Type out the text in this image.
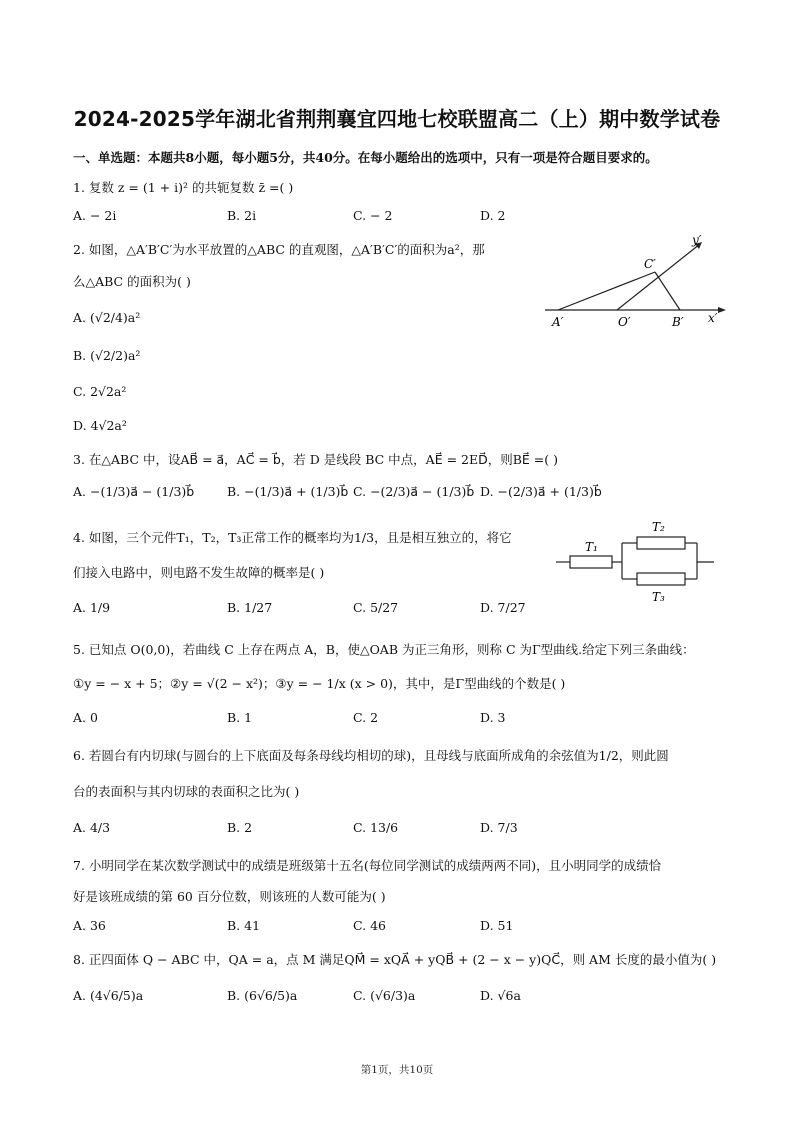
2024-2025学年湖北省荆荆襄宜四地七校联盟高二（上）期中数学试卷
一、单选题：本题共8小题，每小题5分，共40分。在每小题给出的选项中，只有一项是符合题目要求的。
1. 复数 z = (1 + i)² 的共轭复数 z̄ =( )
A. − 2i	B. 2i	C. − 2	D. 2
2. 如图，△A′B′C′为水平放置的△ABC 的直观图，△A′B′C′的面积为a²，那
么△ABC 的面积为( )
A. (√2/4)a²
B. (√2/2)a²
C. 2√2a²
D. 4√2a²
y′
C′
A′	O′	B′ x′
3. 在△ABC 中，设AB⃗ = a⃗，AC⃗ = b⃗，若 D 是线段 BC 中点，AE⃗ = 2ED⃗，则BE⃗ =( )
A. −(1/3)a⃗ − (1/3)b⃗	B. −(1/3)a⃗ + (1/3)b⃗ C. −(2/3)a⃗ − (1/3)b⃗ D. −(2/3)a⃗ + (1/3)b⃗
4. 如图，三个元件T₁，T₂，T₃正常工作的概率均为1/3，且是相互独立的，将它
们接入电路中，则电路不发生故障的概率是( )
A. 1/9	B. 1/27	C. 5/27	D. 7/27
T₁
T₂
T₃
5. 已知点 O(0,0)，若曲线 C 上存在两点 A，B，使△OAB 为正三角形，则称 C 为Γ型曲线.给定下列三条曲线：
①y = − x + 5；②y = √(2 − x²)；③y = − 1/x (x > 0)，其中，是Γ型曲线的个数是( )
A. 0	B. 1	C. 2	D. 3
6. 若圆台有内切球(与圆台的上下底面及每条母线均相切的球)，且母线与底面所成角的余弦值为1/2，则此圆
台的表面积与其内切球的表面积之比为( )
A. 4/3	B. 2	C. 13/6	D. 7/3
7. 小明同学在某次数学测试中的成绩是班级第十五名(每位同学测试的成绩两两不同)，且小明同学的成绩恰
好是该班成绩的第 60 百分位数，则该班的人数可能为( )
A. 36	B. 41	C. 46	D. 51
8. 正四面体 Q − ABC 中，QA = a，点 M 满足QM⃗ = xQA⃗ + yQB⃗ + (2 − x − y)QC⃗，则 AM 长度的最小值为( )
A. (4√6/5)a	B. (6√6/5)a	C. (√6/3)a	D. √6a
第1页，共10页
